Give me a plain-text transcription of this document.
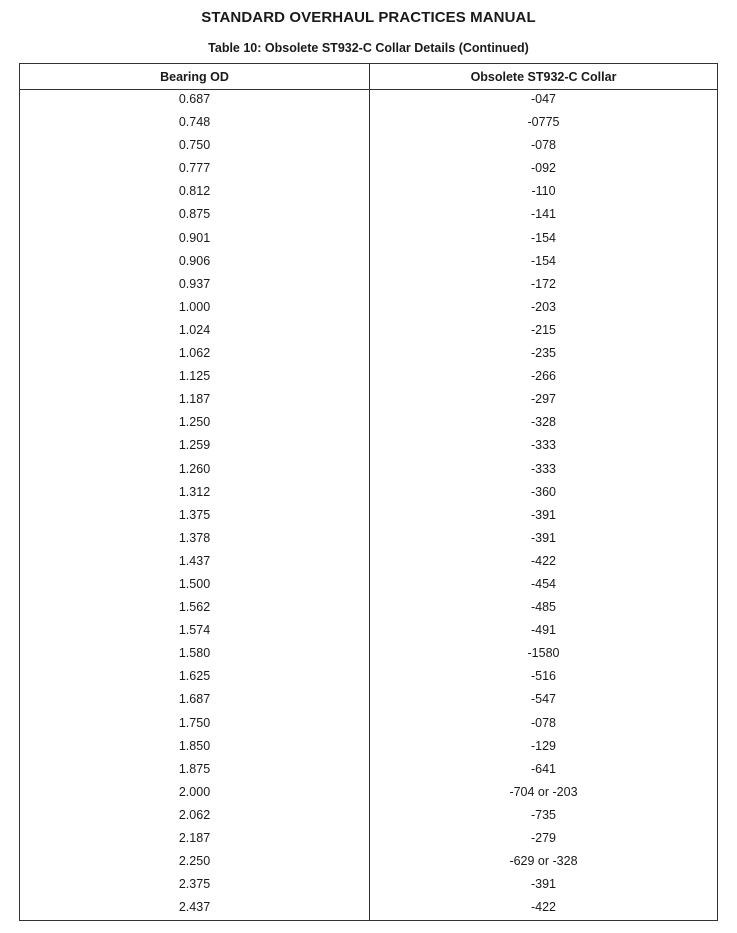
STANDARD OVERHAUL PRACTICES MANUAL
Table 10: Obsolete ST932-C Collar Details (Continued)
Bearing OD	Obsolete ST932-C Collar
0.687	-047
0.748	-0775
0.750	-078
0.777	-092
0.812	-110
0.875	-141
0.901	-154
0.906	-154
0.937	-172
1.000	-203
1.024	-215
1.062	-235
1.125	-266
1.187	-297
1.250	-328
1.259	-333
1.260	-333
1.312	-360
1.375	-391
1.378	-391
1.437	-422
1.500	-454
1.562	-485
1.574	-491
1.580	-1580
1.625	-516
1.687	-547
1.750	-078
1.850	-129
1.875	-641
2.000	-704 or -203
2.062	-735
2.187	-279
2.250	-629 or -328
2.375	-391
2.437	-422
